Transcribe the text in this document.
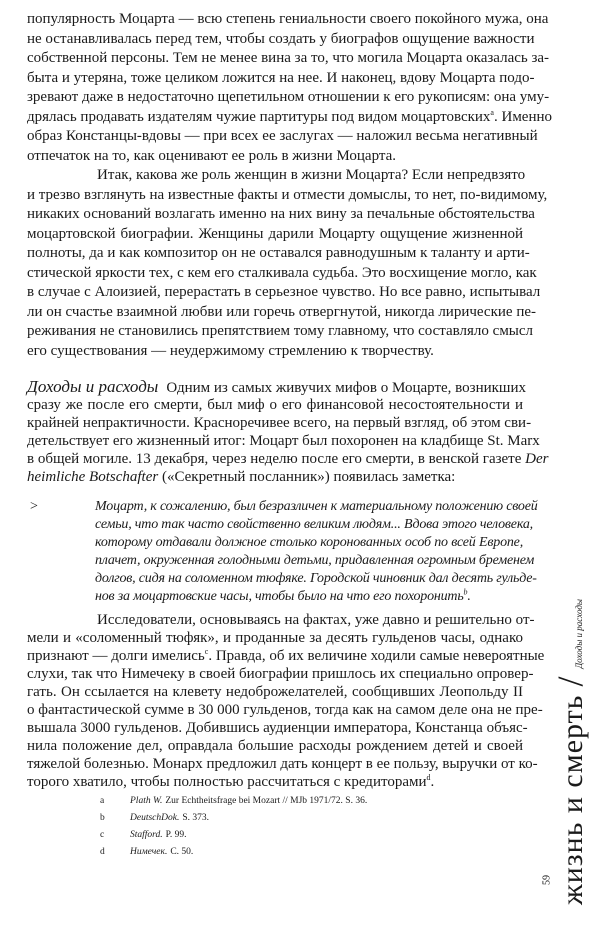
популярность Моцарта — всю степень гениальности своего покойного мужа, она
не останавливалась перед тем, чтобы создать у биографов ощущение важности
собственной персоны. Тем не менее вина за то, что могила Моцарта оказалась за-
быта и утеряна, тоже целиком ложится на нее. И наконец, вдову Моцарта подо-
зревают даже в недостаточно щепетильном отношении к его рукописям: она уму-
дрялась продавать издателям чужие партитуры под видом моцартовских$^a$. Именно
образ Констанцы-вдовы — при всех ее заслугах — наложил весьма негативный
отпечаток на то, как оценивают ее роль в жизни Моцарта.
Итак, какова же роль женщин в жизни Моцарта? Если непредвзято
и трезво взглянуть на известные факты и отмести домыслы, то нет, по-видимому,
никаких оснований возлагать именно на них вину за печальные обстоятельства
моцартовской биографии. Женщины дарили Моцарту ощущение жизненной
полноты, да и как композитор он не оставался равнодушным к таланту и арти-
стической яркости тех, с кем его сталкивала судьба. Это восхищение могло, как
в случае с Алоизией, перерастать в серьезное чувство. Но все равно, испытывал
ли он счастье взаимной любви или горечь отвергнутой, никогда лирические пе-
реживания не становились препятствием тому главному, что составляло смысл
его существования — неудержимому стремлению к творчеству.
Доходы и расходы Одним из самых живучих мифов о Моцарте, возникших
сразу же после его смерти, был миф о его финансовой несостоятельности и
крайней непрактичности. Красноречивее всего, на первый взгляд, об этом сви-
детельствует его жизненный итог: Моцарт был похоронен на кладбище St. Marx
в общей могиле. 13 декабря, через неделю после его смерти, в венской газете Der
heimliche Botschafter («Секретный посланник») появилась заметка:
>	Моцарт, к сожалению, был безразличен к материальному положению своей
семьи, что так часто свойственно великим людям... Вдова этого человека,
которому отдавали должное столько коронованных особ по всей Европе,
плачет, окруженная голодными детьми, придавленная огромным бременем
долгов, сидя на соломенном тюфяке. Городской чиновник дал десять гульде-
нов за моцартовские часы, чтобы было на что его похоронить$^b$.
Исследователи, основываясь на фактах, уже давно и решительно от-
мели и «соломенный тюфяк», и проданные за десять гульденов часы, однако
признают — долги имелись$^c$. Правда, об их величине ходили самые невероятные
слухи, так что Нимечеку в своей биографии пришлось их специально опровер-
гать. Он ссылается на клевету недоброжелателей, сообщивших Леопольду II
о фантастической сумме в 30 000 гульденов, тогда как на самом деле она не пре-
вышала 3000 гульденов. Добившись аудиенции императора, Констанца объяс-
нила положение дел, оправдала большие расходы рождением детей и своей
тяжелой болезнью. Монарх предложил дать концерт в ее пользу, выручки от ко-
торого хватило, чтобы полностью рассчитаться с кредиторами$^d$.
a	Plath W. Zur Echtheitsfrage bei Mozart // MJb 1971/72. S. 36.
b	DeutschDok. S. 373.
c	Stafford. P. 99.
d	Нимечек. С. 50.	жизнь и смерть
/
Доходы и расходы
59
